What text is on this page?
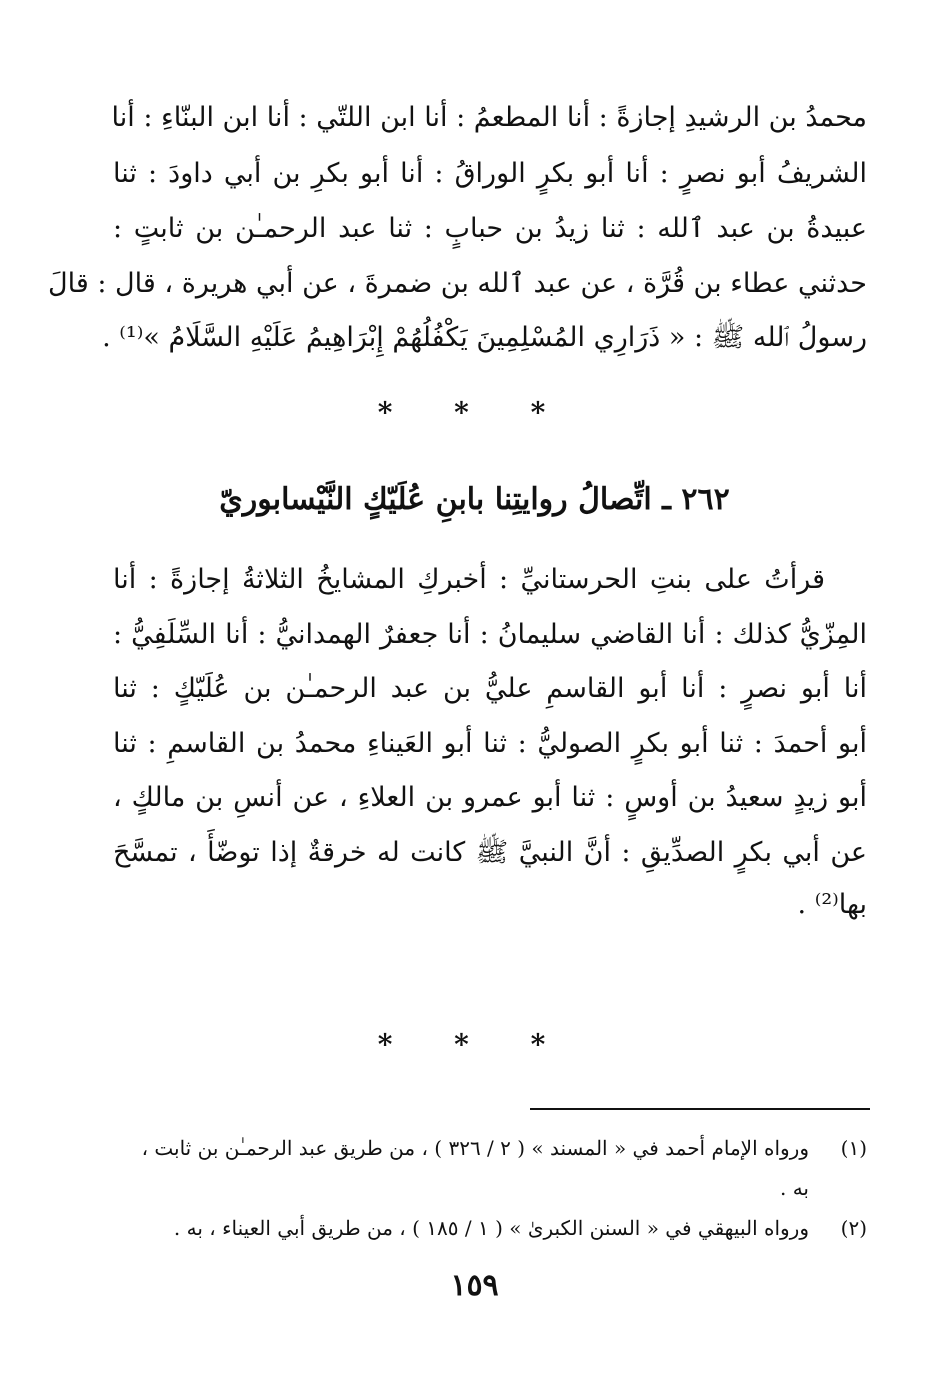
محمدُ بن الرشيدِ إجازةً : أنا المطعمُ : أنا ابن اللتّي : أنا ابن البنّاءِ : أنا
الشريفُ أبو نصرٍ : أنا أبو بكرٍ الوراقُ : أنا أبو بكرِ بن أبي داودَ : ثنا
عبيدةُ بن عبد ٱلله : ثنا زيدُ بن حبابٍ : ثنا عبد الرحمـٰن بن ثابتٍ :
حدثني عطاء بن قُرَّة ، عن عبد ٱلله بن ضمرةَ ، عن أبي هريرة ، قال : قالَ
رسولُ ٱلله ﷺ : « ذَرَارِي المُسْلِمِينَ يَكْفُلُهُمْ إِبْرَاهِيمُ عَلَيْهِ السَّلَامُ »⁽¹⁾ .
* * *
٢٦٢ ـ اتِّصالُ روايتِنا بابنِ عُلَيّكٍ النَّيْسابوريّ
قرأتُ على بنتِ الحرستانيِّ : أخبركِ المشايخُ الثلاثةُ إجازةً : أنا
المِزّيُّ كذلك : أنا القاضي سليمانُ : أنا جعفرٌ الهمدانيُّ : أنا السِّلَفِيُّ :
أنا أبو نصرٍ : أنا أبو القاسمِ عليُّ بن عبد الرحمـٰن بن عُلَيّكٍ : ثنا
أبو أحمدَ : ثنا أبو بكرٍ الصوليُّ : ثنا أبو العَيناءِ محمدُ بن القاسمِ : ثنا
أبو زيدٍ سعيدُ بن أوسٍ : ثنا أبو عمرو بن العلاءِ ، عن أنسِ بن مالكٍ ،
عن أبي بكرٍ الصدِّيقِ : أنَّ النبيَّ ﷺ كانت له خرقةٌ إذا توضّأَ ، تمسَّحَ
بها⁽²⁾ .
* * *
(١)
ورواه الإمام أحمد في « المسند » ( ٢ / ٣٢٦ ) ، من طريق عبد الرحمـٰن بن ثابت ،
به .
(٢)
ورواه البيهقي في « السنن الكبرىٰ » ( ١ / ١٨٥ ) ، من طريق أبي العيناء ، به .
١٥٩
